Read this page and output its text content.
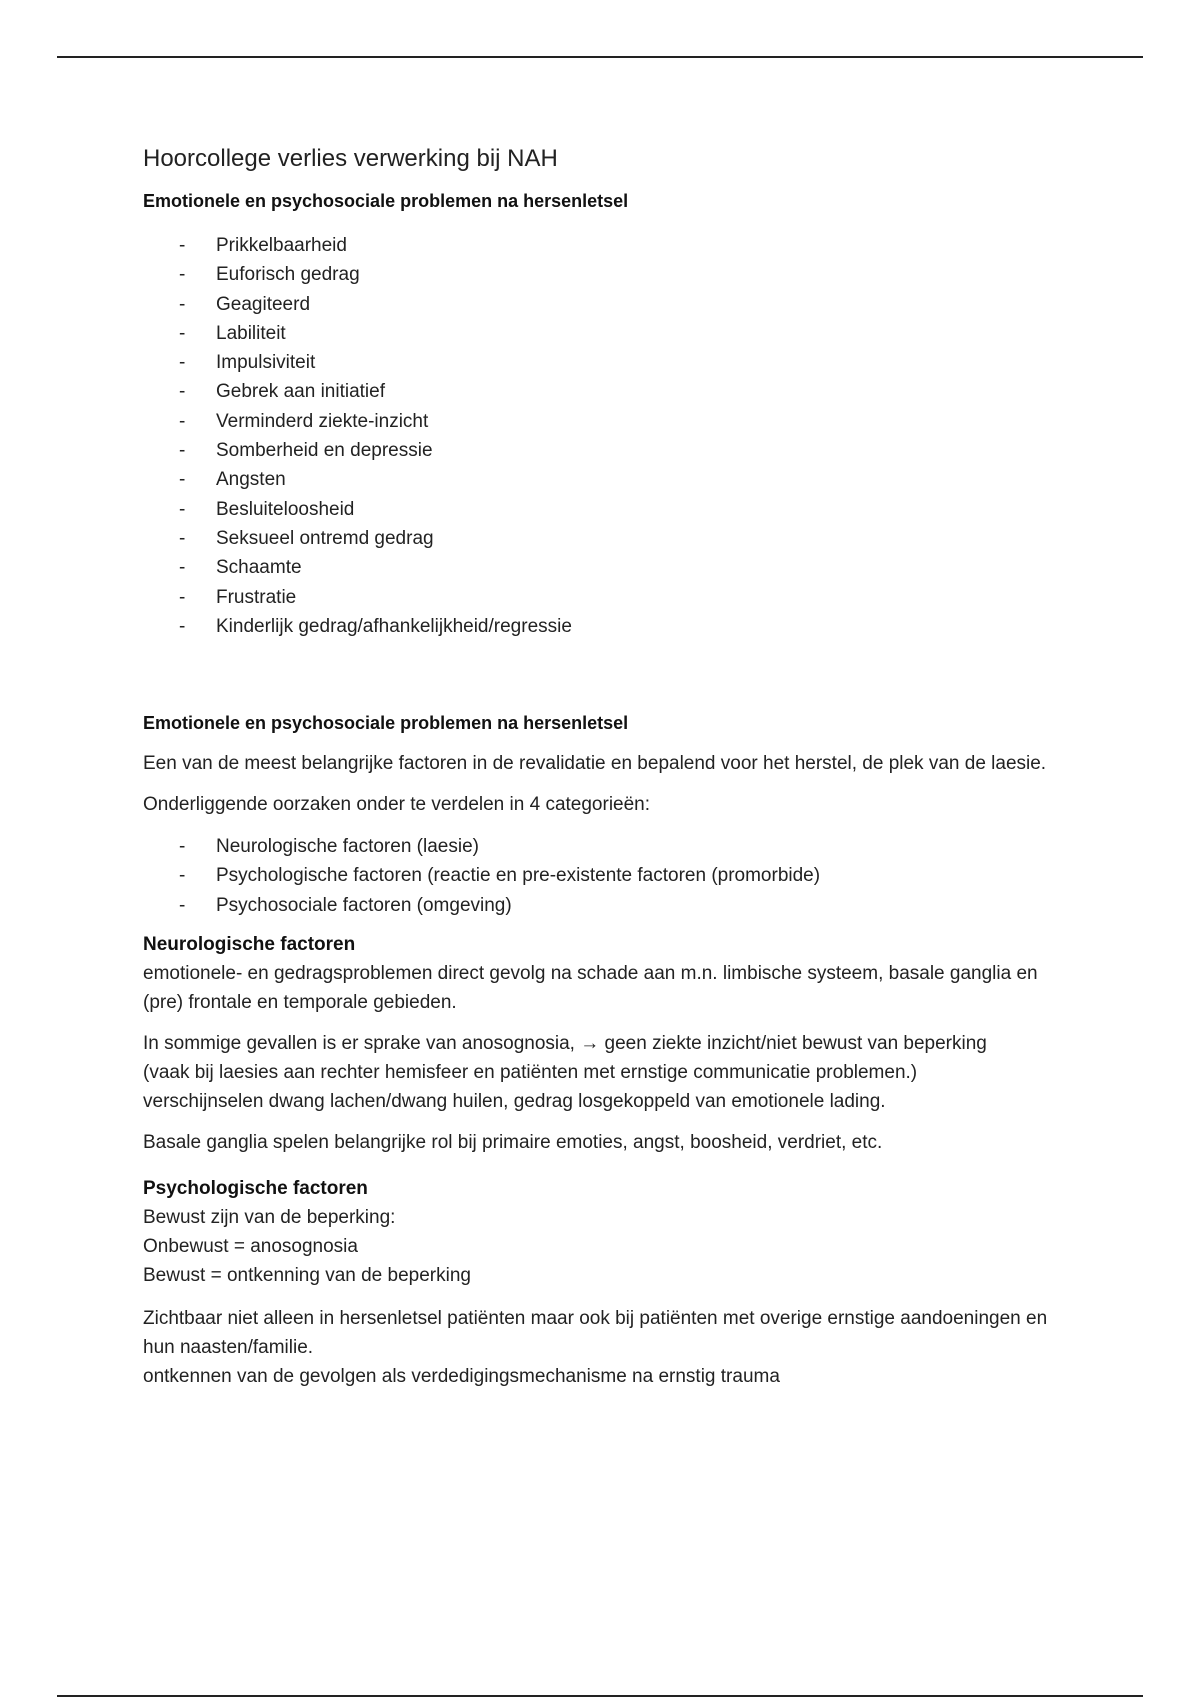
Hoorcollege verlies verwerking bij NAH
Emotionele en psychosociale problemen na hersenletsel
- Prikkelbaarheid
- Euforisch gedrag
- Geagiteerd
- Labiliteit
- Impulsiviteit
- Gebrek aan initiatief
- Verminderd ziekte-inzicht
- Somberheid en depressie
- Angsten
- Besluiteloosheid
- Seksueel ontremd gedrag
- Schaamte
- Frustratie
- Kinderlijk gedrag/afhankelijkheid/regressie
Emotionele en psychosociale problemen na hersenletsel

Een van de meest belangrijke factoren in de revalidatie en bepalend voor het herstel, de plek van de laesie.

Onderliggende oorzaken onder te verdelen in 4 categorieën:

- Neurologische factoren (laesie)
- Psychologische factoren (reactie en pre-existente factoren (promorbide)
- Psychosociale factoren (omgeving)
Neurologische factoren

emotionele- en gedragsproblemen direct gevolg na schade aan m.n. limbische systeem, basale ganglia en (pre) frontale en temporale gebieden.

In sommige gevallen is er sprake van anosognosia, → geen ziekte inzicht/niet bewust van beperking

(vaak bij laesies aan rechter hemisfeer en patiënten met ernstige communicatie problemen.)

verschijnselen dwang lachen/dwang huilen, gedrag losgekoppeld van emotionele lading.

Basale ganglia spelen belangrijke rol bij primaire emoties, angst, boosheid, verdriet, etc.

Psychologische factoren

Bewust zijn van de beperking:

Onbewust = anosognosia

Bewust = ontkenning van de beperking

Zichtbaar niet alleen in hersenletsel patiënten maar ook bij patiënten met overige ernstige aandoeningen en hun naasten/familie.

ontkennen van de gevolgen als verdedigingsmechanisme na ernstig trauma
